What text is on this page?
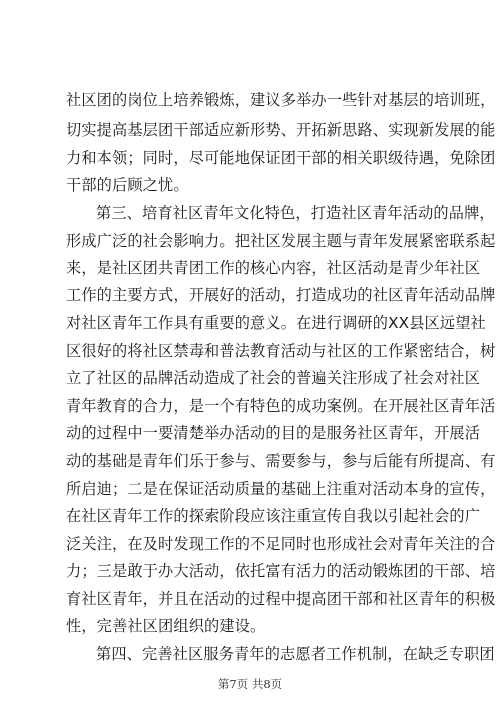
社区团的岗位上培养锻炼，建议多举办一些针对基层的培训班，
切实提高基层团干部适应新形势、开拓新思路、实现新发展的能
力和本领；同时，尽可能地保证团干部的相关职级待遇，免除团
干部的后顾之忧。
第三、培育社区青年文化特色，打造社区青年活动的品牌，
形成广泛的社会影响力。把社区发展主题与青年发展紧密联系起
来，是社区团共青团工作的核心内容，社区活动是青少年社区
工作的主要方式，开展好的活动，打造成功的社区青年活动品牌
对社区青年工作具有重要的意义。在进行调研的XX县区远望社
区很好的将社区禁毒和普法教育活动与社区的工作紧密结合，树
立了社区的品牌活动造成了社会的普遍关注形成了社会对社区
青年教育的合力，是一个有特色的成功案例。在开展社区青年活
动的过程中一要清楚举办活动的目的是服务社区青年，开展活
动的基础是青年们乐于参与、需要参与，参与后能有所提高、有
所启迪；二是在保证活动质量的基础上注重对活动本身的宣传，
在社区青年工作的探索阶段应该注重宣传自我以引起社会的广
泛关注，在及时发现工作的不足同时也形成社会对青年关注的合
力；三是敢于办大活动，依托富有活力的活动锻炼团的干部、培
育社区青年，并且在活动的过程中提高团干部和社区青年的积极
性，完善社区团组织的建设。
第四、完善社区服务青年的志愿者工作机制，在缺乏专职团
第7页 共8页
